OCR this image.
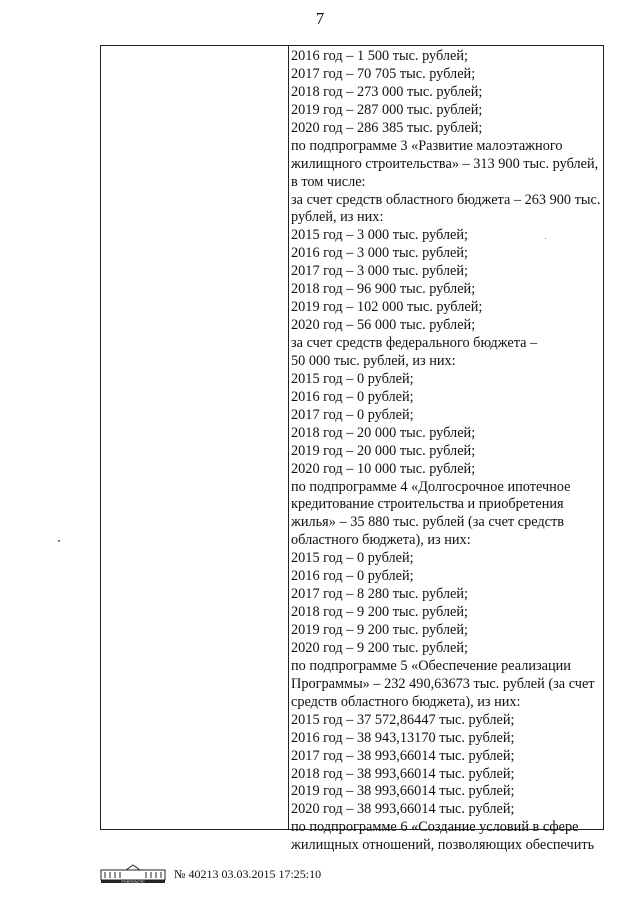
7
2016 год – 1 500 тыс. рублей;
2017 год – 70 705 тыс. рублей;
2018 год – 273 000 тыс. рублей;
2019 год – 287 000 тыс. рублей;
2020 год – 286 385 тыс. рублей;
по подпрограмме 3 «Развитие малоэтажного
жилищного строительства» – 313 900 тыс. рублей,
в том числе:
за счет средств областного бюджета – 263 900 тыс.
рублей, из них:
2015 год – 3 000 тыс. рублей;
2016 год – 3 000 тыс. рублей;
2017 год – 3 000 тыс. рублей;
2018 год – 96 900 тыс. рублей;
2019 год – 102 000 тыс. рублей;
2020 год – 56 000 тыс. рублей;
за счет средств федерального бюджета –
50 000 тыс. рублей, из них:
2015 год – 0 рублей;
2016 год – 0 рублей;
2017 год – 0 рублей;
2018 год – 20 000 тыс. рублей;
2019 год – 20 000 тыс. рублей;
2020 год – 10 000 тыс. рублей;
по подпрограмме 4 «Долгосрочное ипотечное
кредитование строительства и приобретения
жилья» – 35 880 тыс. рублей (за счет средств
областного бюджета), из них:
2015 год – 0 рублей;
2016 год – 0 рублей;
2017 год – 8 280 тыс. рублей;
2018 год – 9 200 тыс. рублей;
2019 год – 9 200 тыс. рублей;
2020 год – 9 200 тыс. рублей;
по подпрограмме 5 «Обеспечение реализации
Программы» – 232 490,63673 тыс. рублей (за счет
средств областного бюджета), из них:
2015 год – 37 572,86447 тыс. рублей;
2016 год – 38 943,13170 тыс. рублей;
2017 год – 38 993,66014 тыс. рублей;
2018 год – 38 993,66014 тыс. рублей;
2019 год – 38 993,66014 тыс. рублей;
2020 год – 38 993,66014 тыс. рублей;
по подпрограмме 6 «Создание условий в сфере
жилищных отношений, позволяющих обеспечить
ПРАВИТЕЛЬСТВО
№ 40213 03.03.2015 17:25:10
